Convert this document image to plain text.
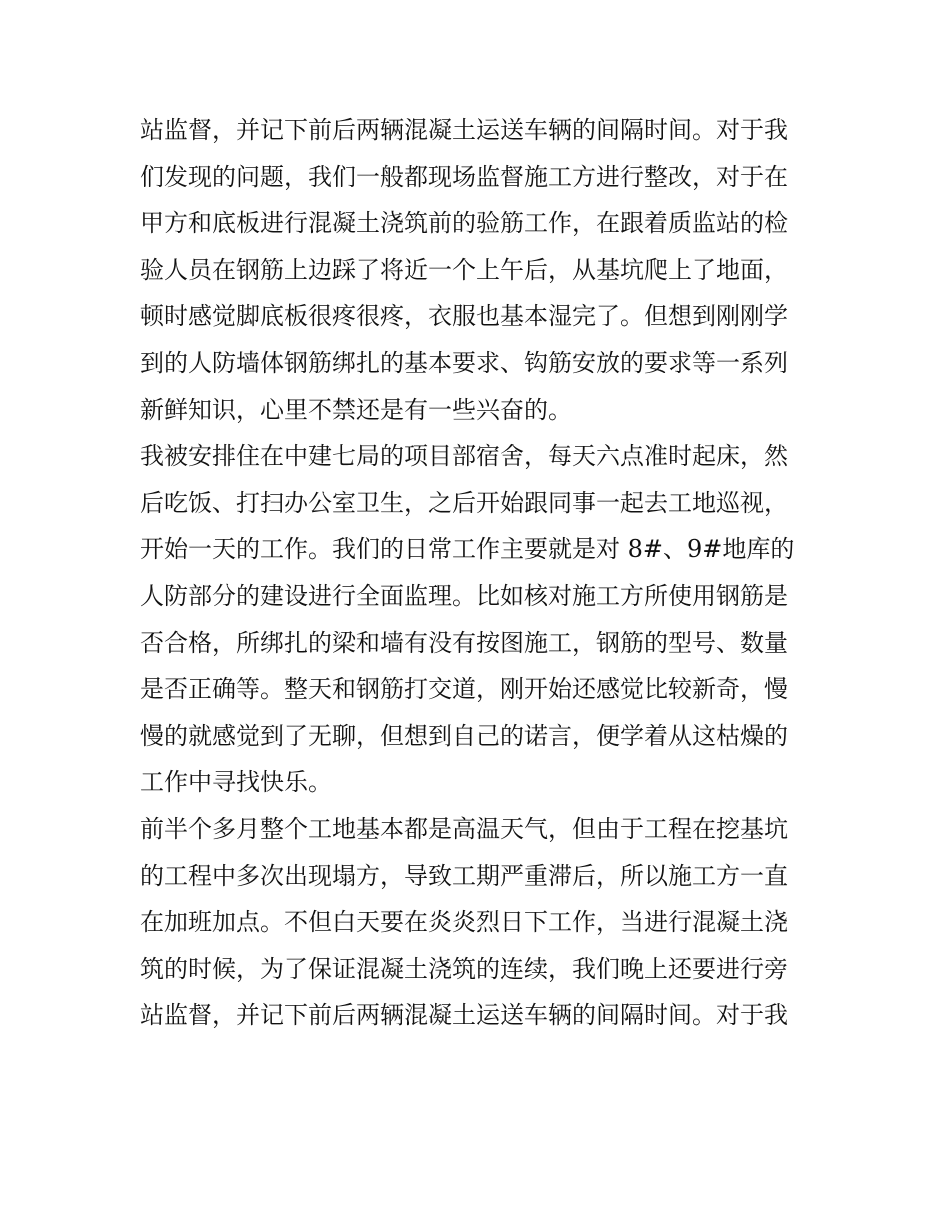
站监督，并记下前后两辆混凝土运送车辆的间隔时间。对于我
们发现的问题，我们一般都现场监督施工方进行整改，对于在
甲方和底板进行混凝土浇筑前的验筋工作，在跟着质监站的检
验人员在钢筋上边踩了将近一个上午后，从基坑爬上了地面，
顿时感觉脚底板很疼很疼，衣服也基本湿完了。但想到刚刚学
到的人防墙体钢筋绑扎的基本要求、钩筋安放的要求等一系列
新鲜知识，心里不禁还是有一些兴奋的。
我被安排住在中建七局的项目部宿舍，每天六点准时起床，然
后吃饭、打扫办公室卫生，之后开始跟同事一起去工地巡视，
开始一天的工作。我们的日常工作主要就是对 8#、9#地库的
人防部分的建设进行全面监理。比如核对施工方所使用钢筋是
否合格，所绑扎的梁和墙有没有按图施工，钢筋的型号、数量
是否正确等。整天和钢筋打交道，刚开始还感觉比较新奇，慢
慢的就感觉到了无聊，但想到自己的诺言，便学着从这枯燥的
工作中寻找快乐。
前半个多月整个工地基本都是高温天气，但由于工程在挖基坑
的工程中多次出现塌方，导致工期严重滞后，所以施工方一直
在加班加点。不但白天要在炎炎烈日下工作，当进行混凝土浇
筑的时候，为了保证混凝土浇筑的连续，我们晚上还要进行旁
站监督，并记下前后两辆混凝土运送车辆的间隔时间。对于我
